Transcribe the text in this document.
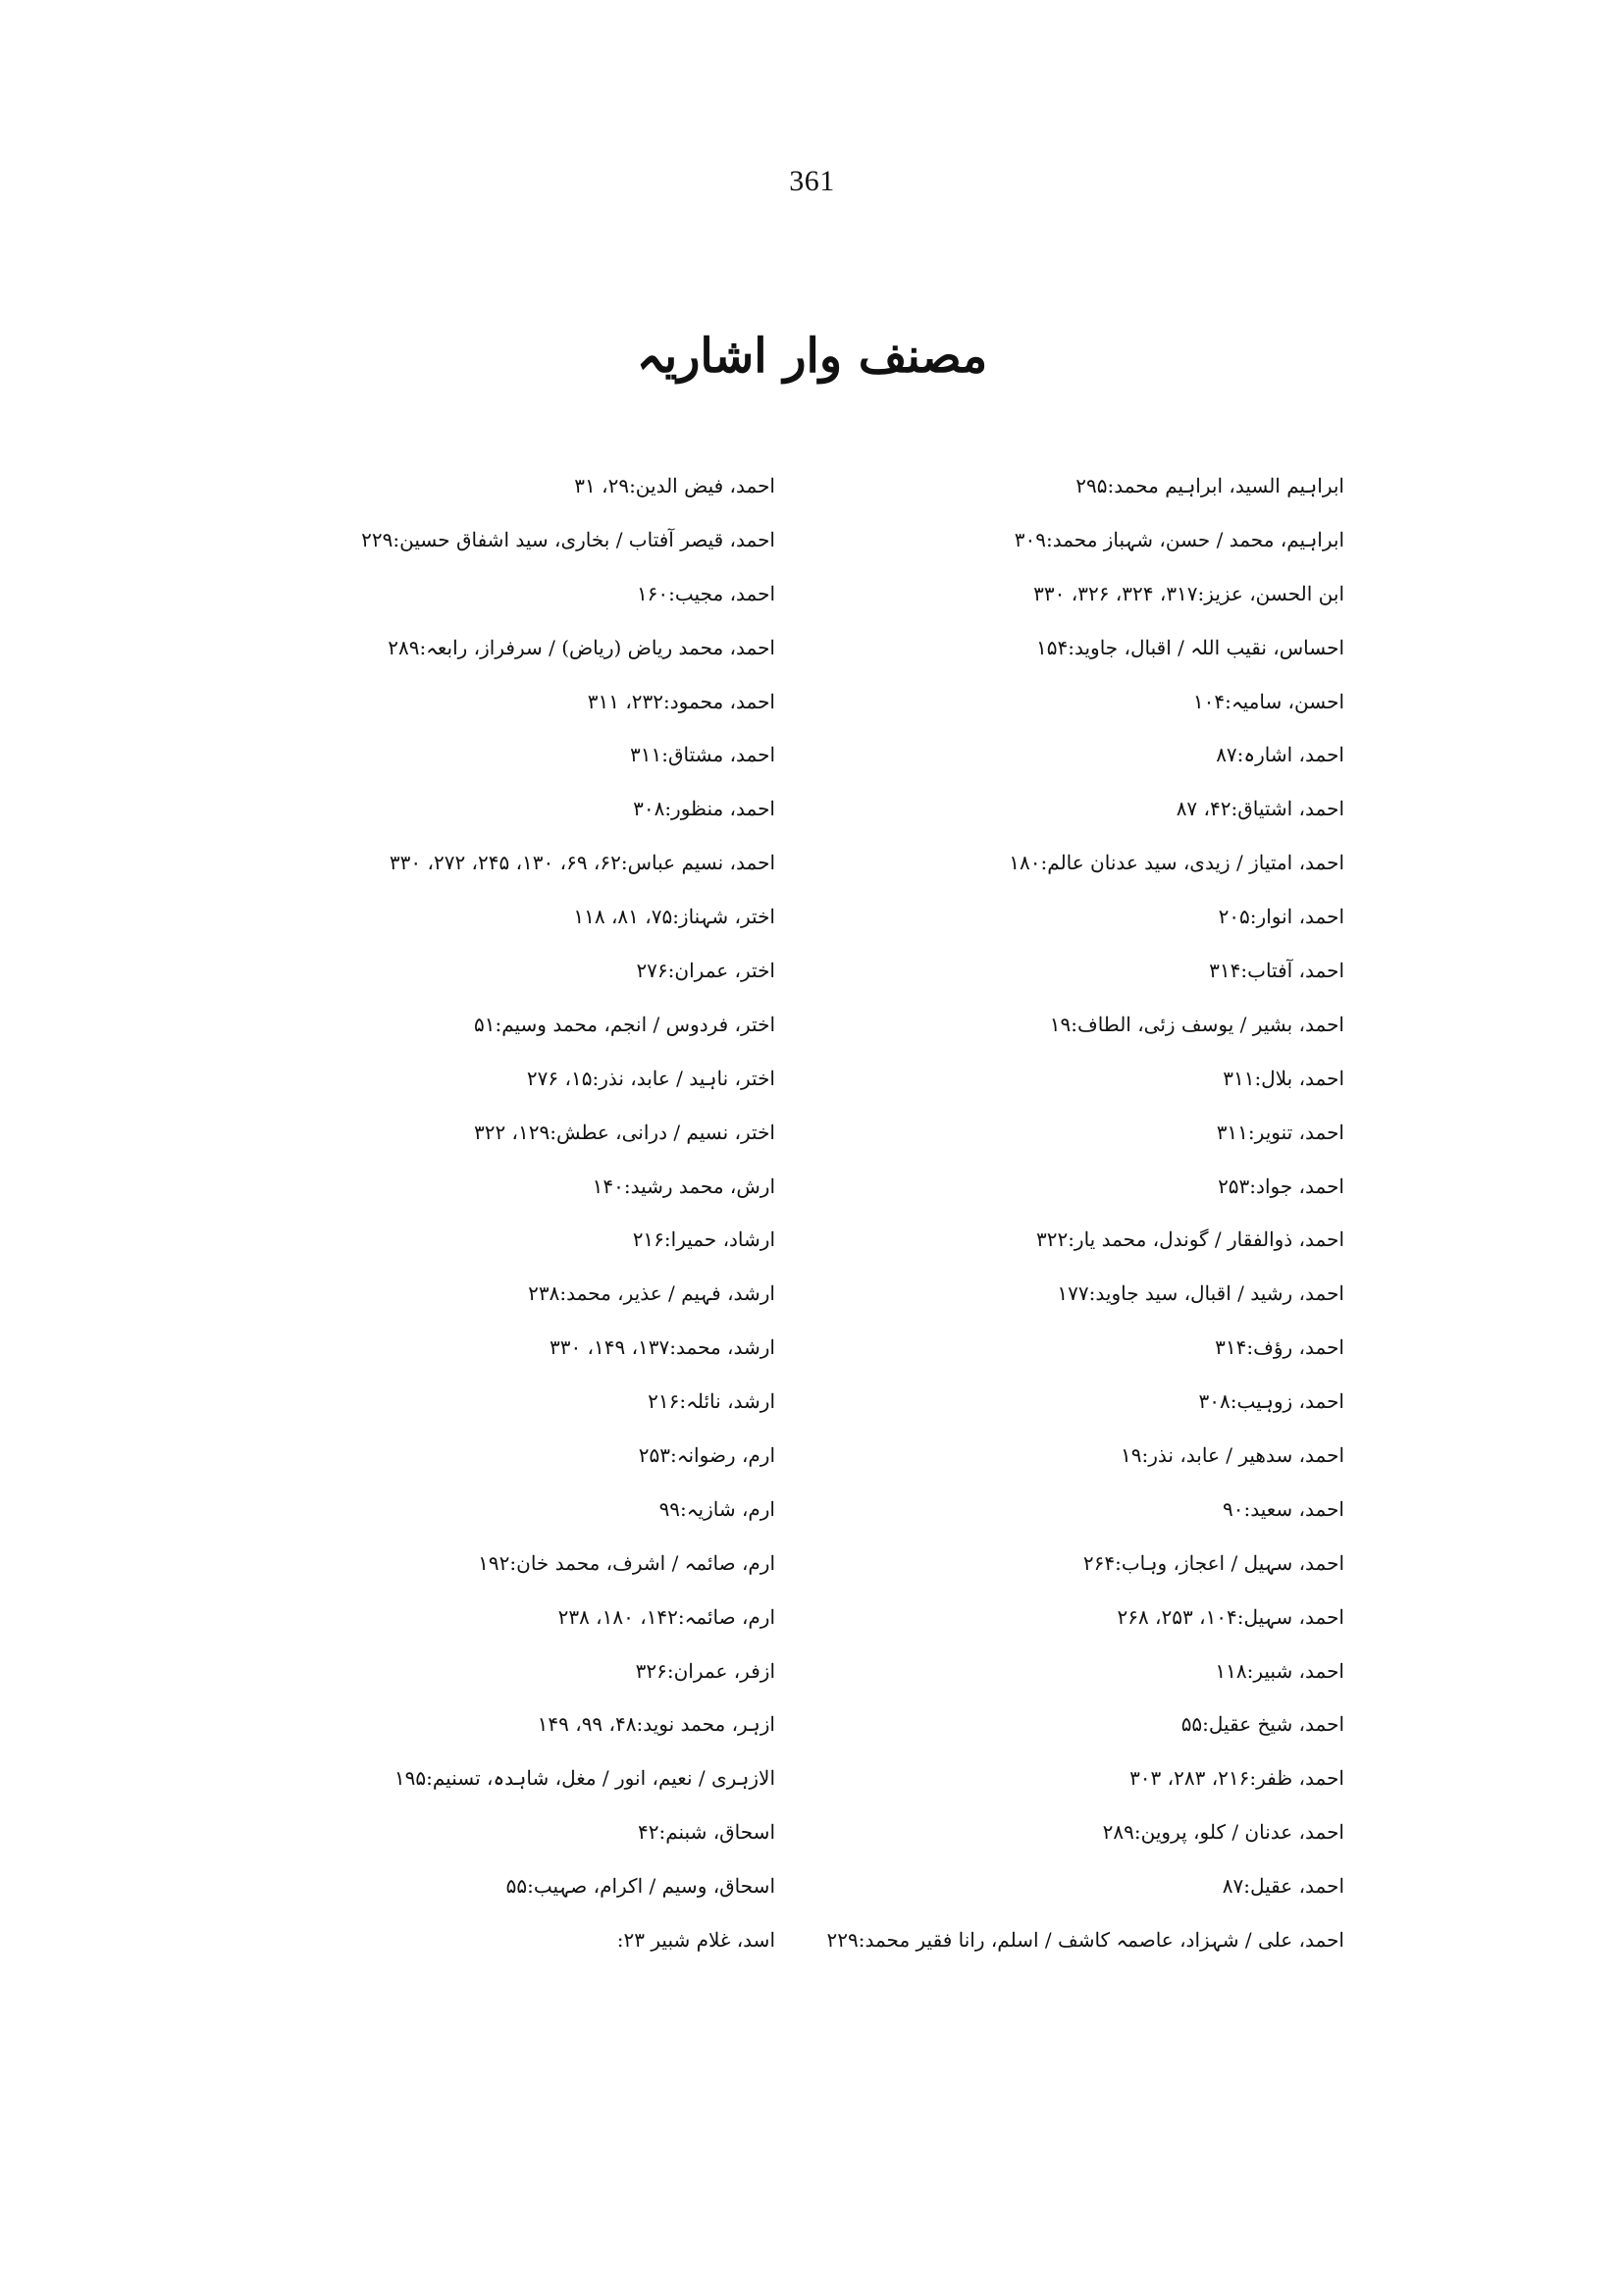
361
مصنف وار اشاریہ
ابراہیم السید، ابراہیم محمد:۲۹۵
ابراہیم، محمد / حسن، شہباز محمد:۳۰۹
ابن الحسن، عزیز:۳۱۷، ۳۲۴، ۳۲۶، ۳۳۰
احساس، نقیب اللہ / اقبال، جاوید:۱۵۴
احسن، سامیہ:۱۰۴
احمد، اشارہ:۸۷
احمد، اشتیاق:۴۲، ۸۷
احمد، امتیاز / زیدی، سید عدنان عالم:۱۸۰
احمد، انوار:۲۰۵
احمد، آفتاب:۳۱۴
احمد، بشیر / یوسف زئی، الطاف:۱۹
احمد، بلال:۳۱۱
احمد، تنویر:۳۱۱
احمد، جواد:۲۵۳
احمد، ذوالفقار / گوندل، محمد یار:۳۲۲
احمد، رشید / اقبال، سید جاوید:۱۷۷
احمد، رؤف:۳۱۴
احمد، زوہیب:۳۰۸
احمد، سدھیر / عابد، نذر:۱۹
احمد، سعید:۹۰
احمد، سہیل / اعجاز، وہاب:۲۶۴
احمد، سہیل:۱۰۴، ۲۵۳، ۲۶۸
احمد، شبیر:۱۱۸
احمد، شیخ عقیل:۵۵
احمد، ظفر:۲۱۶، ۲۸۳، ۳۰۳
احمد، عدنان / کلو، پروین:۲۸۹
احمد، عقیل:۸۷
احمد، علی / شہزاد، عاصمہ کاشف / اسلم، رانا فقیر محمد:۲۲۹
احمد، فیض الدین:۲۹، ۳۱
احمد، قیصر آفتاب / بخاری، سید اشفاق حسین:۲۲۹
احمد، مجیب:۱۶۰
احمد، محمد ریاض (ریاض) / سرفراز، رابعہ:۲۸۹
احمد، محمود:۲۳۲، ۳۱۱
احمد، مشتاق:۳۱۱
احمد، منظور:۳۰۸
احمد، نسیم عباس:۶۲، ۶۹، ۱۳۰، ۲۴۵، ۲۷۲، ۳۳۰
اختر، شہناز:۷۵، ۸۱، ۱۱۸
اختر، عمران:۲۷۶
اختر، فردوس / انجم، محمد وسیم:۵۱
اختر، ناہید / عابد، نذر:۱۵، ۲۷۶
اختر، نسیم / درانی، عطش:۱۲۹، ۳۲۲
ارش، محمد رشید:۱۴۰
ارشاد، حمیرا:۲۱۶
ارشد، فہیم / عذیر، محمد:۲۳۸
ارشد، محمد:۱۳۷، ۱۴۹، ۳۳۰
ارشد، نائلہ:۲۱۶
ارم، رضوانہ:۲۵۳
ارم، شازیہ:۹۹
ارم، صائمہ / اشرف، محمد خان:۱۹۲
ارم، صائمہ:۱۴۲، ۱۸۰، ۲۳۸
ازفر، عمران:۳۲۶
ازہر، محمد نوید:۴۸، ۹۹، ۱۴۹
الازہری / نعیم، انور / مغل، شاہدہ، تسنیم:۱۹۵
اسحاق، شبنم:۴۲
اسحاق، وسیم / اکرام، صہیب:۵۵
اسد، غلام شبیر ۲۳:
